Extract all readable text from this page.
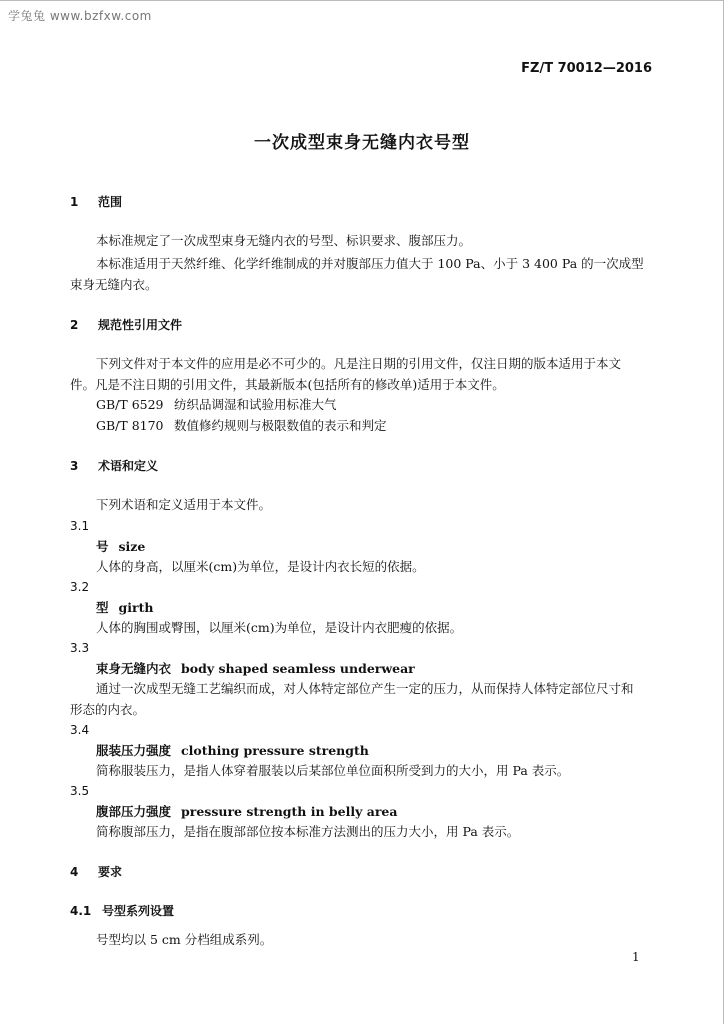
学兔兔 www.bzfxw.com
FZ/T 70012—2016
一次成型束身无缝内衣号型
1 范围
本标准规定了一次成型束身无缝内衣的号型、标识要求、腹部压力。
本标准适用于天然纤维、化学纤维制成的并对腹部压力值大于 100 Pa、小于 3 400 Pa 的一次成型
束身无缝内衣。
2 规范性引用文件
下列文件对于本文件的应用是必不可少的。凡是注日期的引用文件，仅注日期的版本适用于本文
件。凡是不注日期的引用文件，其最新版本(包括所有的修改单)适用于本文件。
GB/T 6529 纺织品调湿和试验用标准大气
GB/T 8170 数值修约规则与极限数值的表示和判定
3 术语和定义
下列术语和定义适用于本文件。
3.1
号 size
人体的身高，以厘米(cm)为单位，是设计内衣长短的依据。
3.2
型 girth
人体的胸围或臀围，以厘米(cm)为单位，是设计内衣肥瘦的依据。
3.3
束身无缝内衣 body shaped seamless underwear
通过一次成型无缝工艺编织而成，对人体特定部位产生一定的压力，从而保持人体特定部位尺寸和
形态的内衣。
3.4
服装压力强度 clothing pressure strength
简称服装压力，是指人体穿着服装以后某部位单位面积所受到力的大小，用 Pa 表示。
3.5
腹部压力强度 pressure strength in belly area
简称腹部压力，是指在腹部部位按本标准方法测出的压力大小，用 Pa 表示。
4 要求
4.1 号型系列设置
号型均以 5 cm 分档组成系列。
1
